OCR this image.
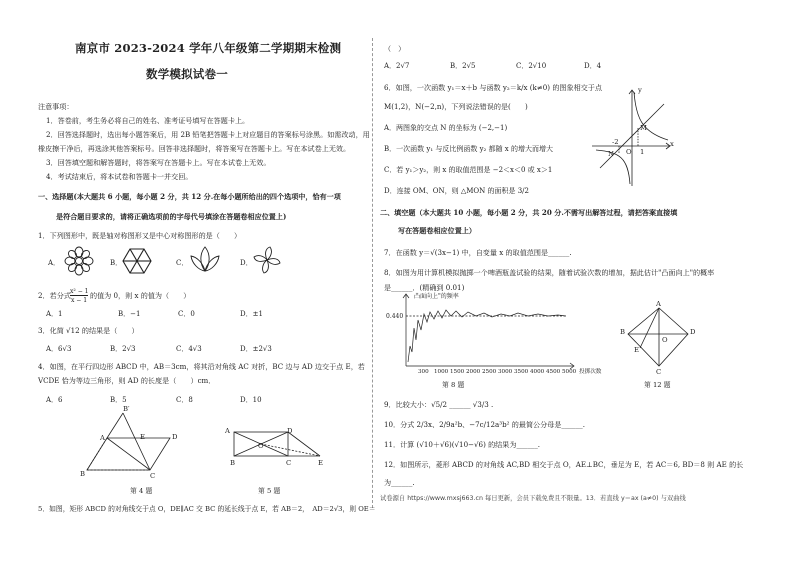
南京市 2023-2024 学年八年级第二学期期末检测
数学模拟试卷一
注意事项：
1．答卷前，考生务必将自己的姓名、准考证号填写在答题卡上。
2．回答选择题时，选出每小题答案后，用 2B 铅笔把答题卡上对应题目的答案标号涂黑。如需改动，用
橡皮擦干净后，再选涂其他答案标号。回答非选择题时，将答案写在答题卡上。写在本试卷上无效。
3．回答填空题和解答题时，将答案写在答题卡上。写在本试卷上无效。
4．考试结束后，将本试卷和答题卡一并交回。
一、选择题(本大题共 6 小题，每小题 2 分，共 12 分.在每小题所给出的四个选项中，恰有一项
是符合题目要求的，请将正确选项前的字母代号填涂在答题卷相应位置上)
1．下列图形中，既是轴对称图形又是中心对称图形的是（　　）
A．	B．	C．	D．
2．若分式 x² − 1
x − 1
的值为 0，则 x 的值为（　　）
A．1	B．−1	C．0	D．±1
3．化简 √12 的结果是（　　）
A．6√3	B．2√3	C．4√3	D．±2√3
4．如图，在平行四边形 ABCD 中，AB＝3cm，将其沿对角线 AC 对折，BC 边与 AD 边交于点 E，若
VCDE 恰为等边三角形，则 AD 的长度是（　　）cm．
A．6	B．5	C．8	D．10
B′
A	E	D
B	C
第 4 题
A	D
O
B	C	E
第 5 题
5．如图，矩形 ABCD 的对角线交于点 O，DE∥AC 交 BC 的延长线于点 E，若 AB＝2，　AD＝2√3，则 OE＝
（　）
A．2√7	B．2√5	C．2√10	D．4
6．如图，一次函数 y₁＝x＋b 与函数 y₂＝k/x (k≠0) 的图象相交于点
M(1,2)，N(−2,n)，下列说法错误的是(　　)
A．两图象的交点 N 的坐标为 (−2,−1)
B．一次函数 y₁ 与反比例函数 y₂ 都随 x 的增大而增大
C．若 y₁＞y₂，则 x 的取值范围是 −2＜x＜0 或 x＞1
D．连接 OM、ON，则 △MON 的面积是 3/2
y
x
M
N O
-2
1
二、填空题（本大题共 10 小题，每小题 2 分，共 20 分.不需写出解答过程，请把答案直接填
写在答题卷相应位置上）
7．在函数 y＝√(3x−1) 中，自变量 x 的取值范围是______.
8．如图为用计算机模拟抛掷一个啤酒瓶盖试验的结果，随着试验次数的增加，据此估计"凸面向上"的概率
是______．(精确到 0.01)
凸面向上"的频率
0.440
300 1000 1500 2000 2500 3000 3500 4000 4500 5000 投掷次数
第 8 题
A
B	D
C
E
O
第 12 题
9．比较大小：√5/2 ______ √3/3 .
10．分式 2/3x、2/9a²b、−7c/12a³b² 的最简公分母是______.
11．计算 (√10＋√6)(√10−√6) 的结果为______.
12．如图所示，菱形 ABCD 的对角线 AC,BD 相交于点 O，AE⊥BC，垂足为 E，若 AC＝6, BD＝8 则 AE 的长
为______.
试卷源自 https://www.mxsj663.cn 每日更新，会员下载免费且不限量。13．若直线 y＝ax (a≠0) 与双曲线
